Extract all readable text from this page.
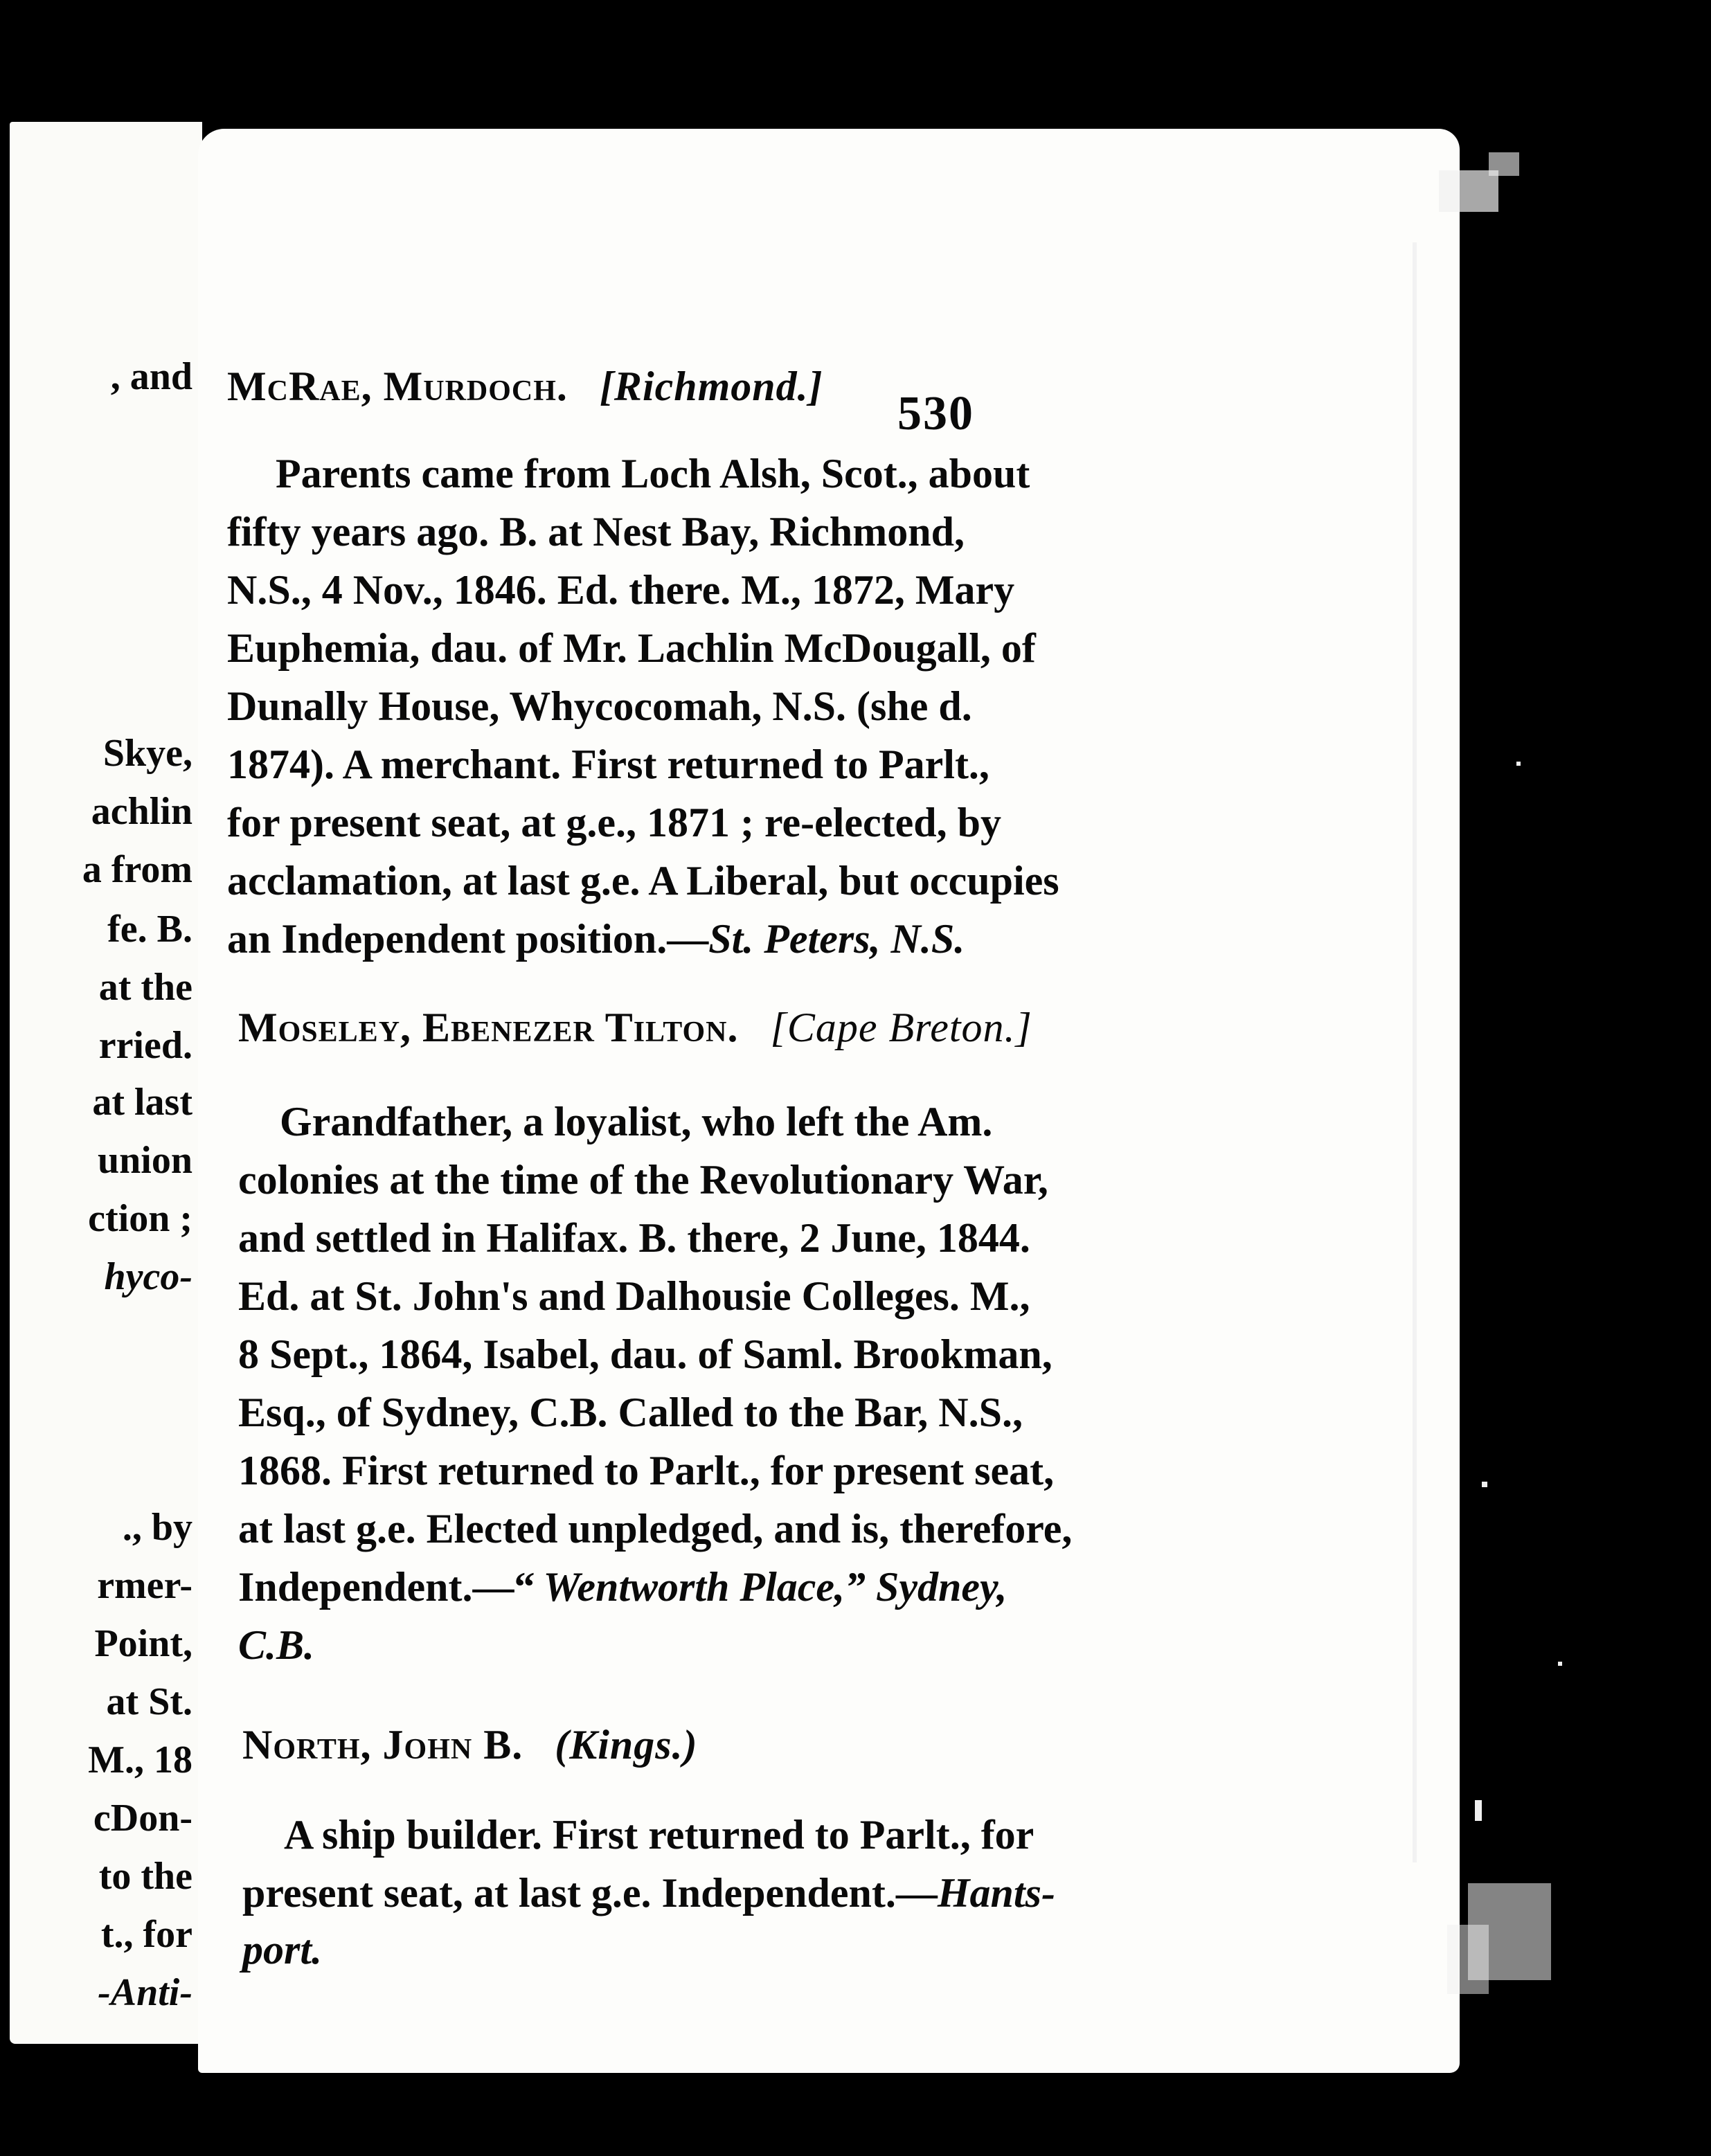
, and
Skye,
achlin
a from
fe. B.
at the
rried.
at last
union
ction ;
hyco-
., by
rmer-
Point,
at St.
M., 18
cDon-
to the
t., for
-Anti-
530
McRae, Murdoch. [Richmond.]
Parents came from Loch Alsh, Scot., about
fifty years ago. B. at Nest Bay, Richmond,
N.S., 4 Nov., 1846. Ed. there. M., 1872, Mary
Euphemia, dau. of Mr. Lachlin McDougall, of
Dunally House, Whycocomah, N.S. (she d.
1874). A merchant. First returned to Parlt.,
for present seat, at g.e., 1871 ; re-elected, by
acclamation, at last g.e. A Liberal, but occupies
an Independent position.—St. Peters, N.S.
Moseley, Ebenezer Tilton. [Cape Breton.]
Grandfather, a loyalist, who left the Am.
colonies at the time of the Revolutionary War,
and settled in Halifax. B. there, 2 June, 1844.
Ed. at St. John's and Dalhousie Colleges. M.,
8 Sept., 1864, Isabel, dau. of Saml. Brookman,
Esq., of Sydney, C.B. Called to the Bar, N.S.,
1868. First returned to Parlt., for present seat,
at last g.e. Elected unpledged, and is, therefore,
Independent.—“ Wentworth Place,” Sydney,
C.B.
North, John B. (Kings.)
A ship builder. First returned to Parlt., for
present seat, at last g.e. Independent.—Hants-
port.
